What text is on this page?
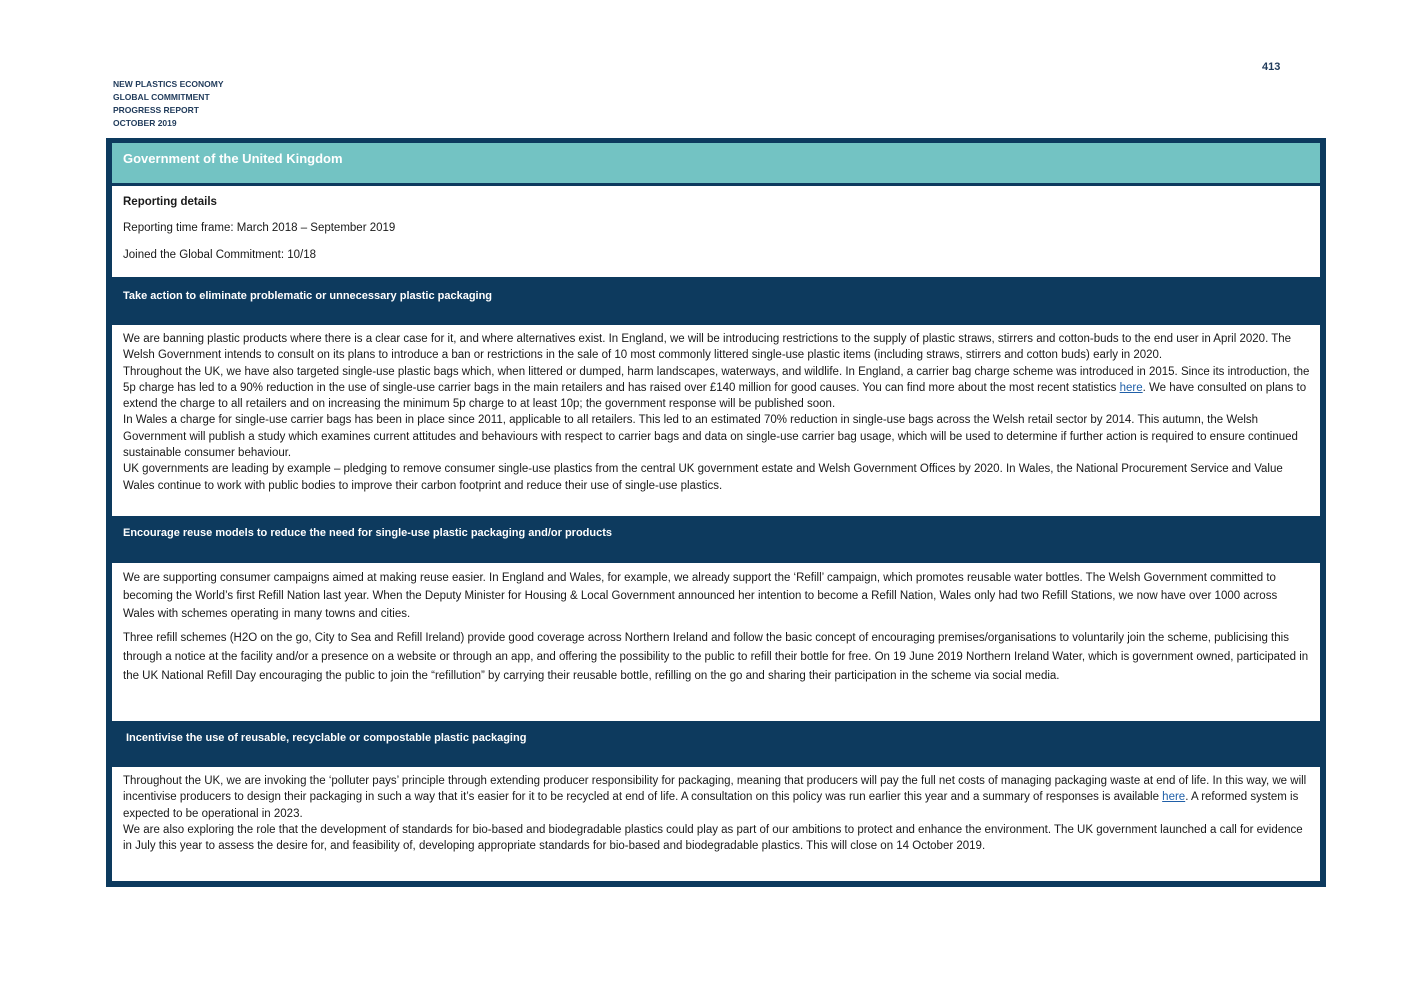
413
NEW PLASTICS ECONOMY
GLOBAL COMMITMENT
PROGRESS REPORT
OCTOBER 2019
Government of the United Kingdom

Reporting details

Reporting time frame: March 2018 – September 2019

Joined the Global Commitment: 10/18

Take action to eliminate problematic or unnecessary plastic packaging

We are banning plastic products where there is a clear case for it, and where alternatives exist. In England, we will be introducing restrictions to the supply of plastic straws, stirrers and cotton-buds to the end user in April 2020. The Welsh Government intends to consult on its plans to introduce a ban or restrictions in the sale of 10 most commonly littered single-use plastic items (including straws, stirrers and cotton buds) early in 2020.

Throughout the UK, we have also targeted single-use plastic bags which, when littered or dumped, harm landscapes, waterways, and wildlife. In England, a carrier bag charge scheme was introduced in 2015. Since its introduction, the 5p charge has led to a 90% reduction in the use of single-use carrier bags in the main retailers and has raised over £140 million for good causes. You can find more about the most recent statistics here. We have consulted on plans to extend the charge to all retailers and on increasing the minimum 5p charge to at least 10p; the government response will be published soon.

In Wales a charge for single-use carrier bags has been in place since 2011, applicable to all retailers. This led to an estimated 70% reduction in single-use bags across the Welsh retail sector by 2014. This autumn, the Welsh Government will publish a study which examines current attitudes and behaviours with respect to carrier bags and data on single-use carrier bag usage, which will be used to determine if further action is required to ensure continued sustainable consumer behaviour.

UK governments are leading by example – pledging to remove consumer single-use plastics from the central UK government estate and Welsh Government Offices by 2020. In Wales, the National Procurement Service and Value Wales continue to work with public bodies to improve their carbon footprint and reduce their use of single-use plastics.

Encourage reuse models to reduce the need for single-use plastic packaging and/or products

We are supporting consumer campaigns aimed at making reuse easier. In England and Wales, for example, we already support the ‘Refill’ campaign, which promotes reusable water bottles. The Welsh Government committed to becoming the World’s first Refill Nation last year. When the Deputy Minister for Housing & Local Government announced her intention to become a Refill Nation, Wales only had two Refill Stations, we now have over 1000 across Wales with schemes operating in many towns and cities.

Three refill schemes (H2O on the go, City to Sea and Refill Ireland) provide good coverage across Northern Ireland and follow the basic concept of encouraging premises/organisations to voluntarily join the scheme, publicising this through a notice at the facility and/or a presence on a website or through an app, and offering the possibility to the public to refill their bottle for free. On 19 June 2019 Northern Ireland Water, which is government owned, participated in the UK National Refill Day encouraging the public to join the “refillution” by carrying their reusable bottle, refilling on the go and sharing their participation in the scheme via social media.

Incentivise the use of reusable, recyclable or compostable plastic packaging

Throughout the UK, we are invoking the ‘polluter pays’ principle through extending producer responsibility for packaging, meaning that producers will pay the full net costs of managing packaging waste at end of life. In this way, we will incentivise producers to design their packaging in such a way that it’s easier for it to be recycled at end of life. A consultation on this policy was run earlier this year and a summary of responses is available here. A reformed system is expected to be operational in 2023.

We are also exploring the role that the development of standards for bio-based and biodegradable plastics could play as part of our ambitions to protect and enhance the environment. The UK government launched a call for evidence in July this year to assess the desire for, and feasibility of, developing appropriate standards for bio-based and biodegradable plastics. This will close on 14 October 2019.
